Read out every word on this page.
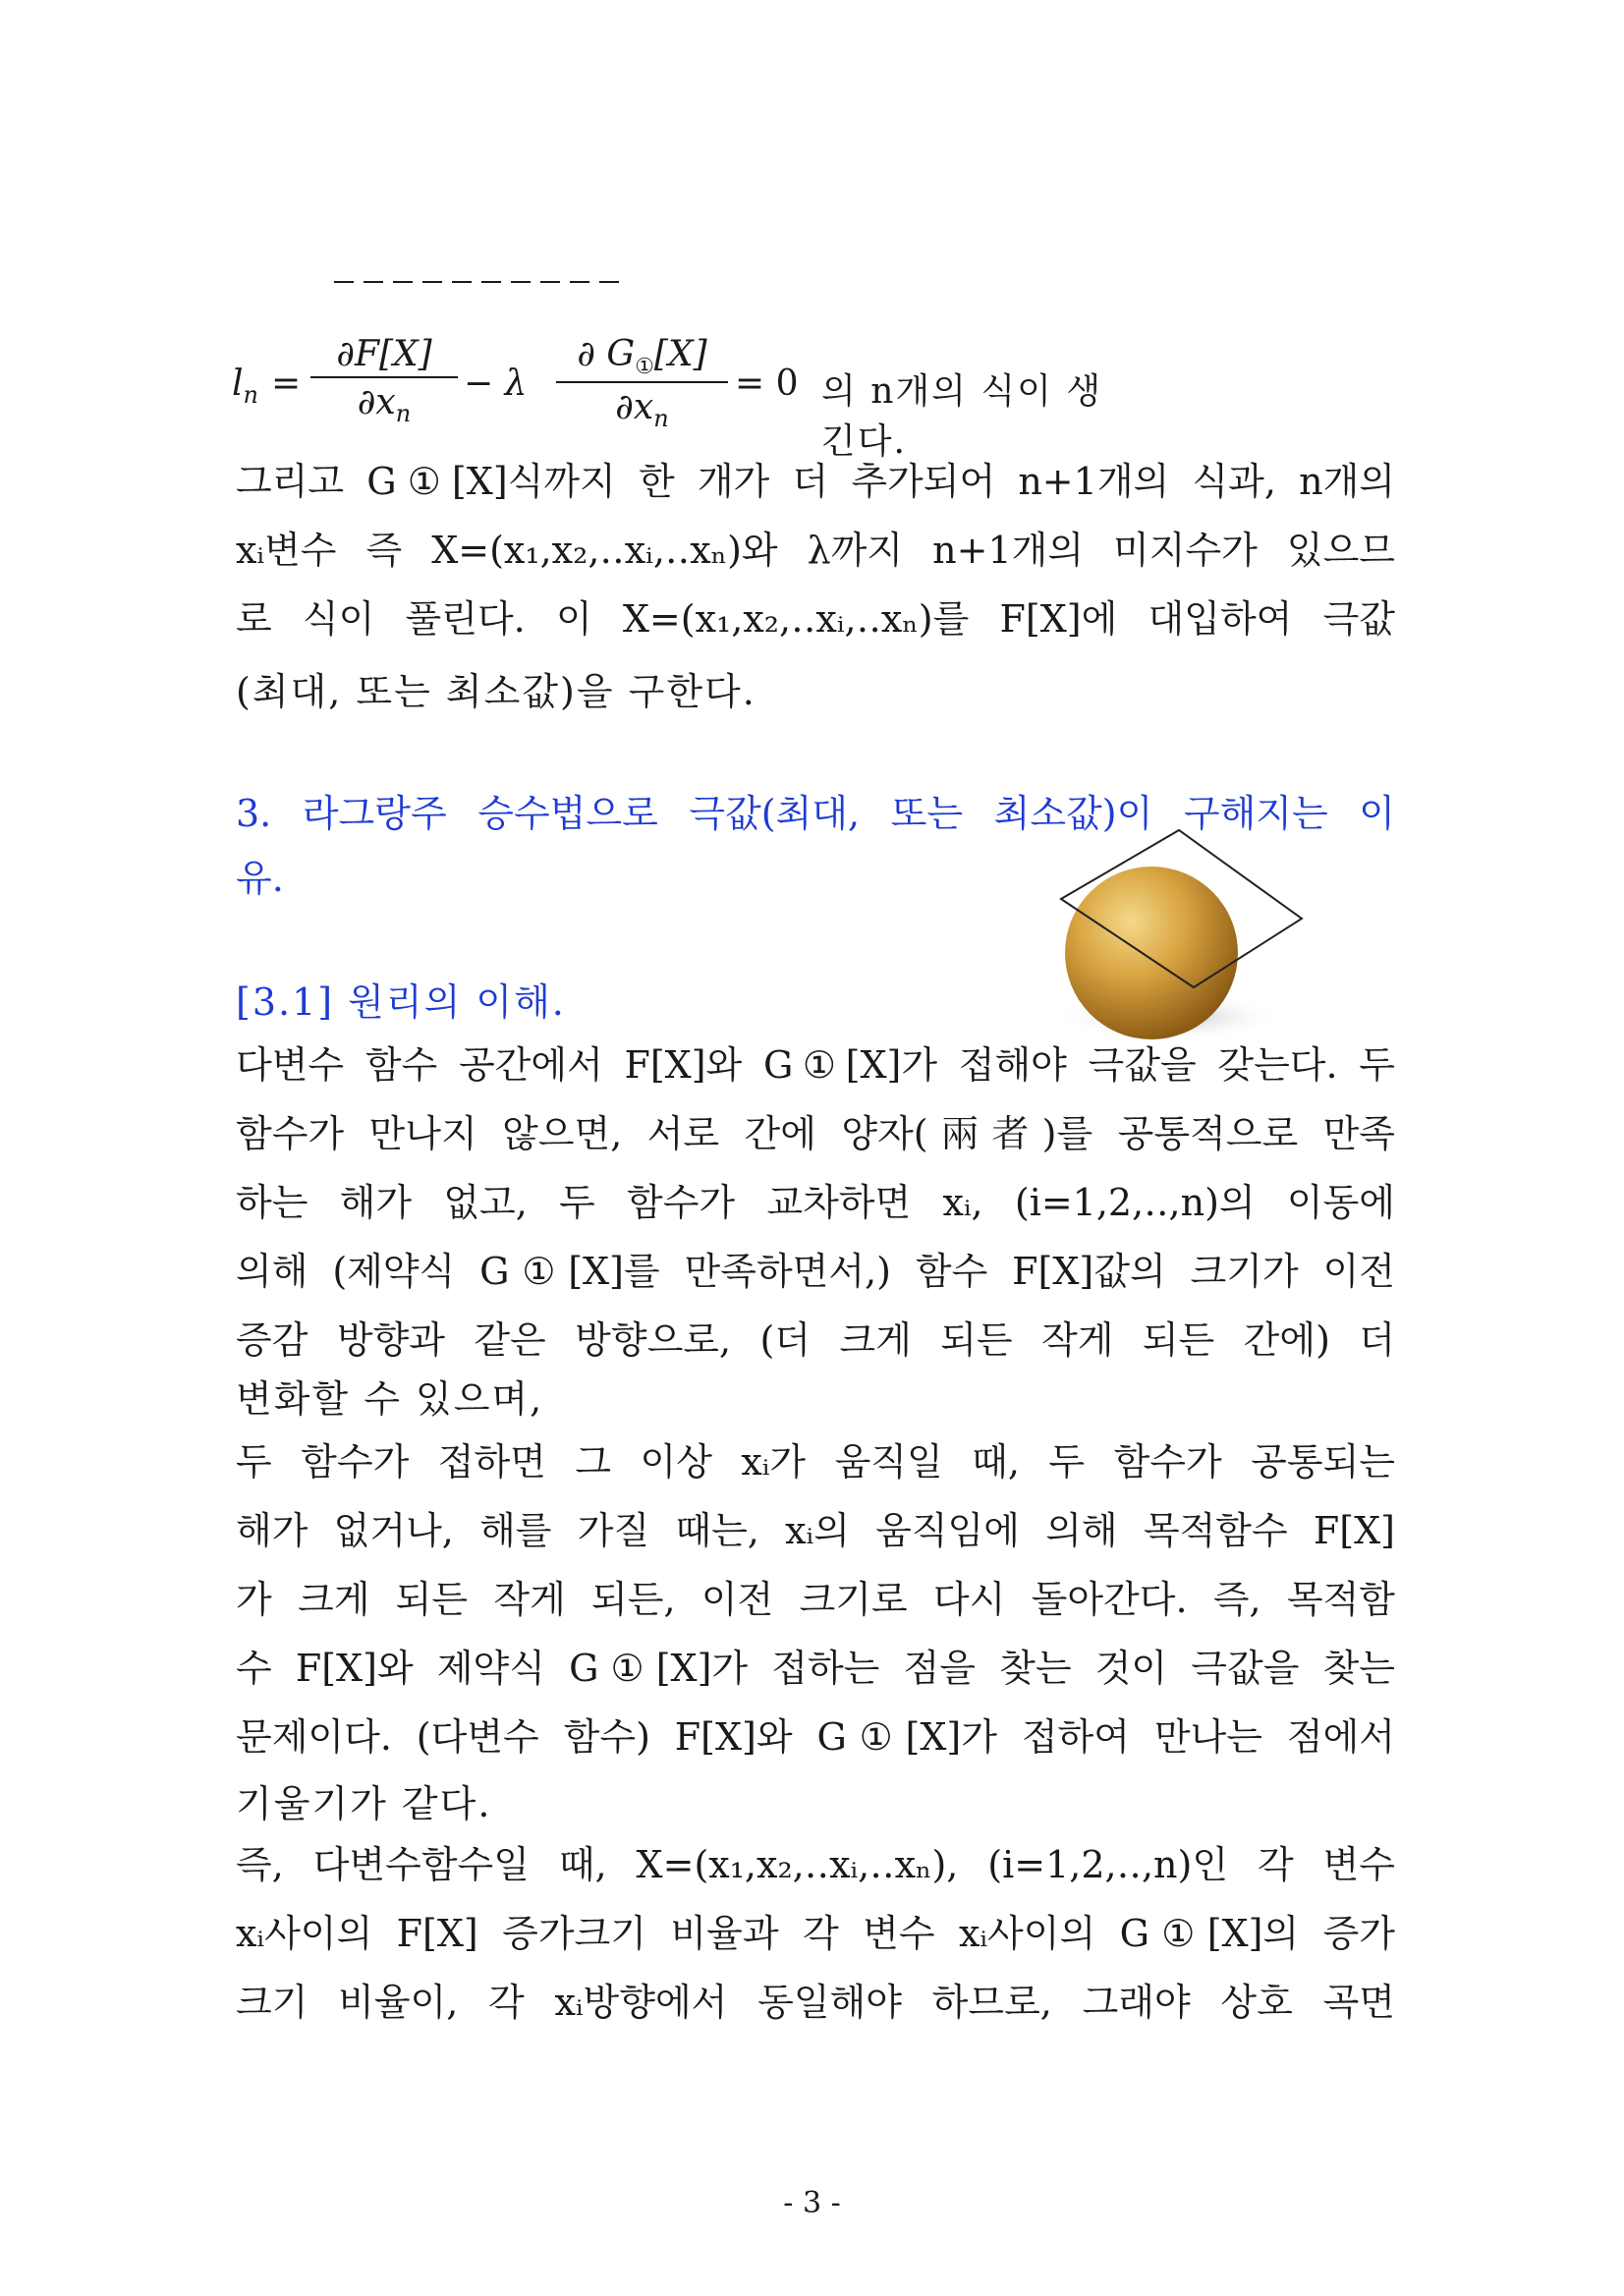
$l_n = \frac{\partial F[X]}{\partial x_n} - \lambda \frac{\partial G_①[X]}{\partial x_n} = 0$ 의 n개의 식이 생긴다.
그리고 G①[X]식까지 한 개가 더 추가되어 n+1개의 식과, n개의
xᵢ변수 즉 X=(x₁,x₂,‥xᵢ,‥xₙ)와 λ까지 n+1개의 미지수가 있으므
로 식이 풀린다. 이 X=(x₁,x₂,‥xᵢ,‥xₙ)를 F[X]에 대입하여 극값
(최대, 또는 최소값)을 구한다.
3. 라그랑주 승수법으로 극값(최대, 또는 최소값)이 구해지는 이
유.
[3.1] 원리의 이해.
다변수 함수 공간에서 F[X]와 G①[X]가 접해야 극값을 갖는다. 두
함수가 만나지 않으면, 서로 간에 양자(兩者)를 공통적으로 만족
하는 해가 없고, 두 함수가 교차하면 xᵢ, (i=1,2,‥,n)의 이동에
의해 (제약식 G①[X]를 만족하면서,) 함수 F[X]값의 크기가 이전
증감 방향과 같은 방향으로, (더 크게 되든 작게 되든 간에) 더
변화할 수 있으며,
두 함수가 접하면 그 이상 xᵢ가 움직일 때, 두 함수가 공통되는
해가 없거나, 해를 가질 때는, xᵢ의 움직임에 의해 목적함수 F[X]
가 크게 되든 작게 되든, 이전 크기로 다시 돌아간다. 즉, 목적함
수 F[X]와 제약식 G①[X]가 접하는 점을 찾는 것이 극값을 찾는
문제이다. (다변수 함수) F[X]와 G①[X]가 접하여 만나는 점에서
기울기가 같다.
즉, 다변수함수일 때, X=(x₁,x₂,‥xᵢ,‥xₙ), (i=1,2,‥,n)인 각 변수
xᵢ사이의 F[X] 증가크기 비율과 각 변수 xᵢ사이의 G①[X]의 증가
크기 비율이, 각 xᵢ방향에서 동일해야 하므로, 그래야 상호 곡면
- 3 -
